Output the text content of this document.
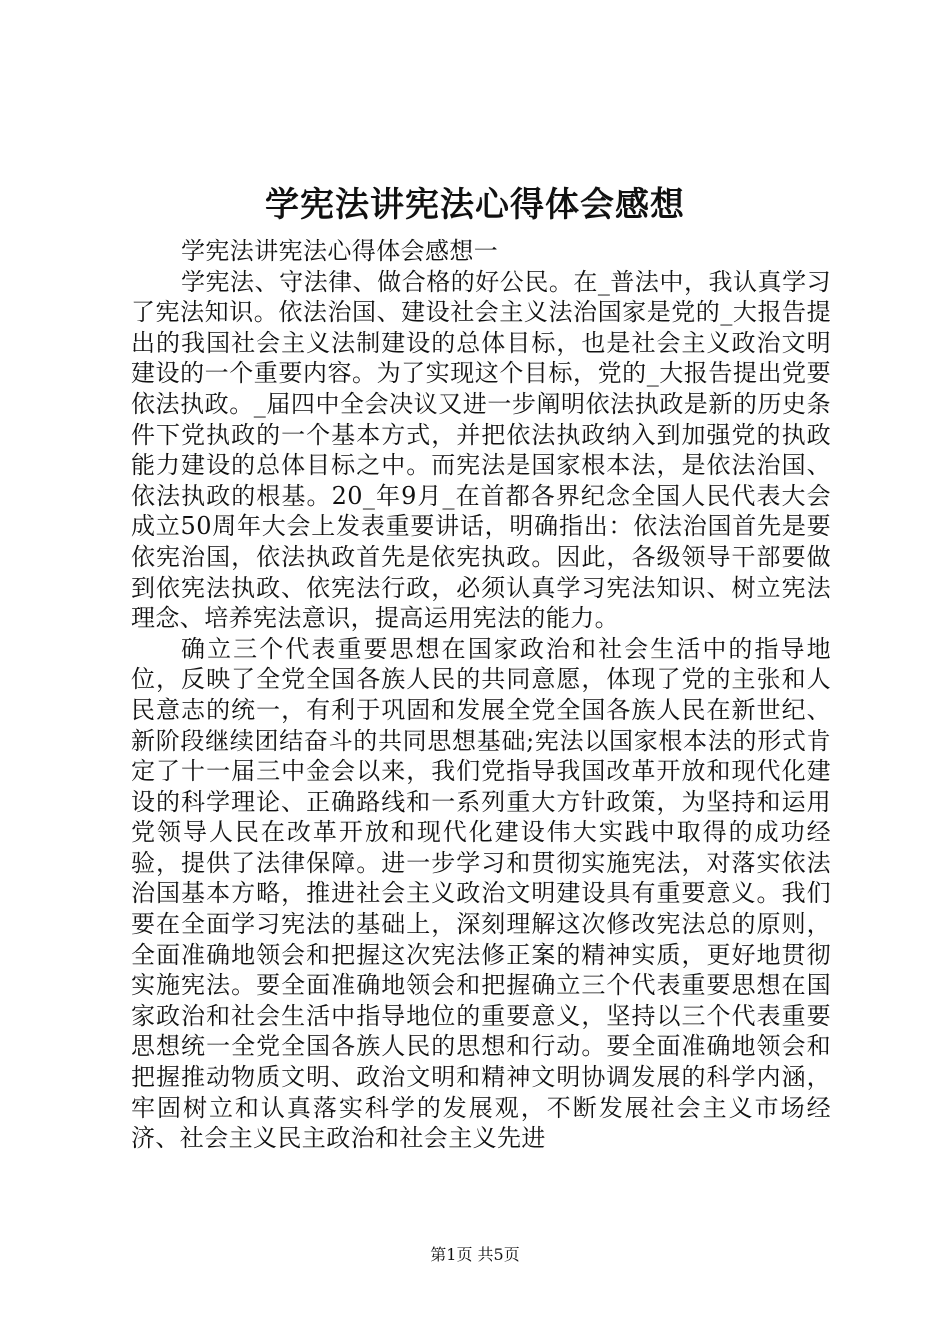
学宪法讲宪法心得体会感想

学宪法讲宪法心得体会感想一

学宪法、守法律、做合格的好公民。在_普法中，我认真学习了宪法知识。依法治国、建设社会主义法治国家是党的_大报告提出的我国社会主义法制建设的总体目标，也是社会主义政治文明建设的一个重要内容。为了实现这个目标，党的_大报告提出党要依法执政。_届四中全会决议又进一步阐明依法执政是新的历史条件下党执政的一个基本方式，并把依法执政纳入到加强党的执政能力建设的总体目标之中。而宪法是国家根本法，是依法治国、依法执政的根基。20_年9月_在首都各界纪念全国人民代表大会成立50周年大会上发表重要讲话，明确指出：依法治国首先是要依宪治国，依法执政首先是依宪执政。因此，各级领导干部要做到依宪法执政、依宪法行政，必须认真学习宪法知识、树立宪法理念、培养宪法意识，提高运用宪法的能力。

确立三个代表重要思想在国家政治和社会生活中的指导地位，反映了全党全国各族人民的共同意愿，体现了党的主张和人民意志的统一，有利于巩固和发展全党全国各族人民在新世纪、新阶段继续团结奋斗的共同思想基础;宪法以国家根本法的形式肯定了十一届三中金会以来，我们党指导我国改革开放和现代化建设的科学理论、正确路线和一系列重大方针政策，为坚持和运用党领导人民在改革开放和现代化建设伟大实践中取得的成功经验，提供了法律保障。进一步学习和贯彻实施宪法，对落实依法治国基本方略，推进社会主义政治文明建设具有重要意义。我们要在全面学习宪法的基础上，深刻理解这次修改宪法总的原则，全面准确地领会和把握这次宪法修正案的精神实质，更好地贯彻实施宪法。要全面准确地领会和把握确立三个代表重要思想在国家政治和社会生活中指导地位的重要意义，坚持以三个代表重要思想统一全党全国各族人民的思想和行动。要全面准确地领会和把握推动物质文明、政治文明和精神文明协调发展的科学内涵，牢固树立和认真落实科学的发展观，不断发展社会主义市场经济、社会主义民主政治和社会主义先进

第1页 共5页
